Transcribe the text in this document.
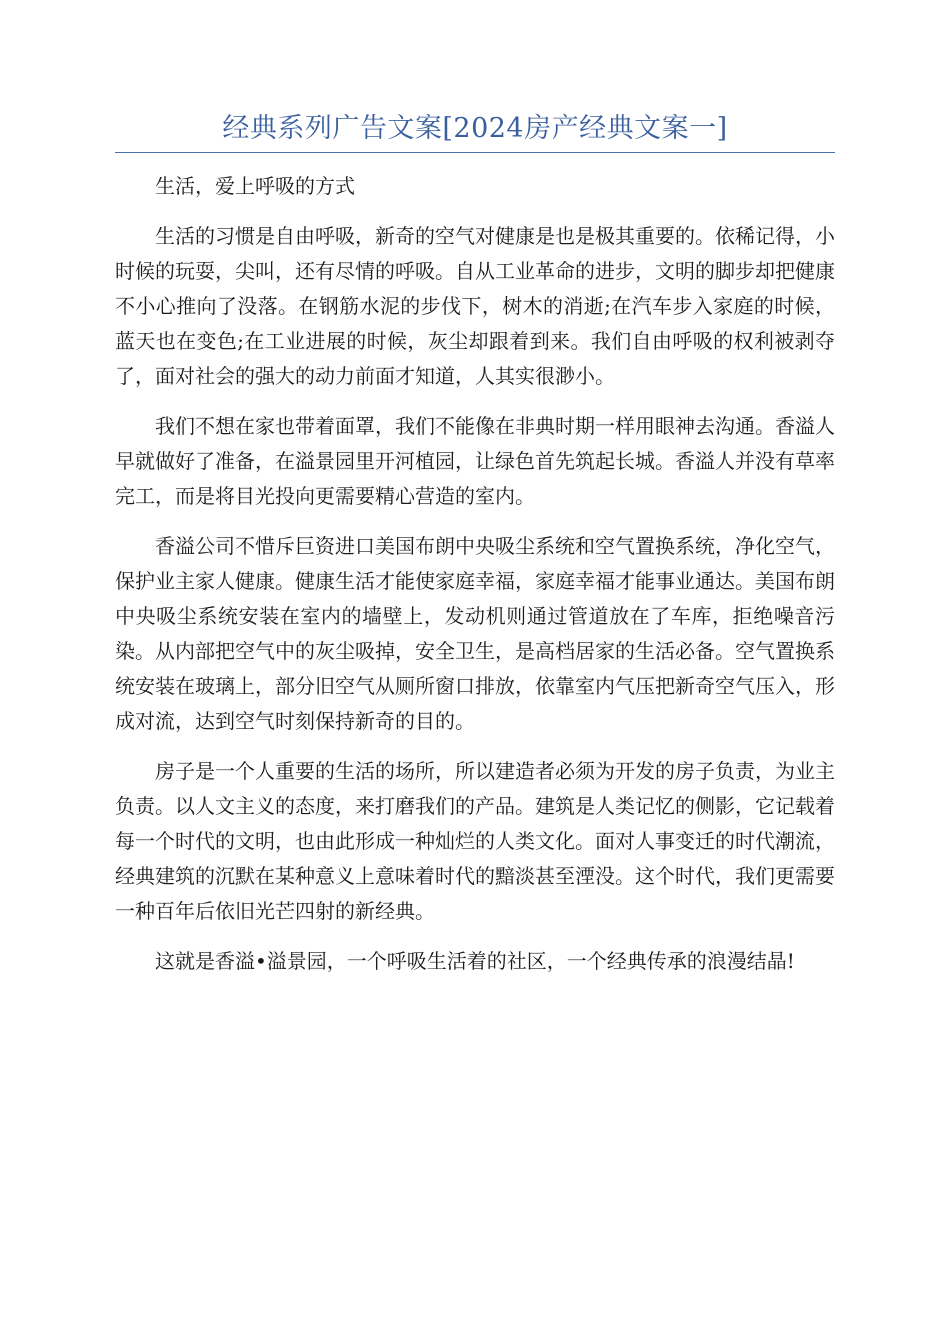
经典系列广告文案[2024房产经典文案一]

生活，爱上呼吸的方式

生活的习惯是自由呼吸，新奇的空气对健康是也是极其重要的。依稀记得，小时候的玩耍，尖叫，还有尽情的呼吸。自从工业革命的进步，文明的脚步却把健康不小心推向了没落。在钢筋水泥的步伐下，树木的消逝;在汽车步入家庭的时候，蓝天也在变色;在工业进展的时候，灰尘却跟着到来。我们自由呼吸的权利被剥夺了，面对社会的强大的动力前面才知道，人其实很渺小。

我们不想在家也带着面罩，我们不能像在非典时期一样用眼神去沟通。香溢人早就做好了准备，在溢景园里开河植园，让绿色首先筑起长城。香溢人并没有草率完工，而是将目光投向更需要精心营造的室内。

香溢公司不惜斥巨资进口美国布朗中央吸尘系统和空气置换系统，净化空气，保护业主家人健康。健康生活才能使家庭幸福，家庭幸福才能事业通达。美国布朗中央吸尘系统安装在室内的墙壁上，发动机则通过管道放在了车库，拒绝噪音污染。从内部把空气中的灰尘吸掉，安全卫生，是高档居家的生活必备。空气置换系统安装在玻璃上，部分旧空气从厕所窗口排放，依靠室内气压把新奇空气压入，形成对流，达到空气时刻保持新奇的目的。

房子是一个人重要的生活的场所，所以建造者必须为开发的房子负责，为业主负责。以人文主义的态度，来打磨我们的产品。建筑是人类记忆的侧影，它记载着每一个时代的文明，也由此形成一种灿烂的人类文化。面对人事变迁的时代潮流，经典建筑的沉默在某种意义上意味着时代的黯淡甚至湮没。这个时代，我们更需要一种百年后依旧光芒四射的新经典。

这就是香溢•溢景园，一个呼吸生活着的社区，一个经典传承的浪漫结晶!
